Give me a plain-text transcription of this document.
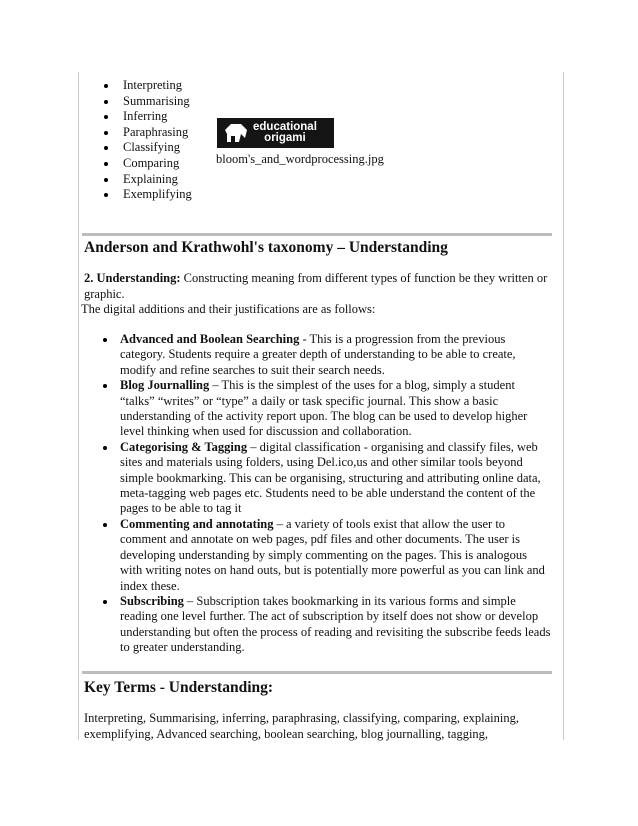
Interpreting
Summarising
Inferring
Paraphrasing
Classifying
Comparing
Explaining
Exemplifying
educational
origami
bloom's_and_wordprocessing.jpg
Anderson and Krathwohl's taxonomy – Understanding

2. Understanding: Constructing meaning from different types of function be they written or graphic.

The digital additions and their justifications are as follows:

Advanced and Boolean Searching - This is a progression from the previous category. Students require a greater depth of understanding to be able to create, modify and refine searches to suit their search needs.
Blog Journalling – This is the simplest of the uses for a blog, simply a student “talks” “writes” or “type” a daily or task specific journal. This show a basic understanding of the activity report upon. The blog can be used to develop higher level thinking when used for discussion and collaboration.
Categorising & Tagging – digital classification - organising and classify files, web sites and materials using folders, using Del.ico,us and other similar tools beyond simple bookmarking. This can be organising, structuring and attributing online data, meta-tagging web pages etc. Students need to be able understand the content of the pages to be able to tag it
Commenting and annotating – a variety of tools exist that allow the user to comment and annotate on web pages, pdf files and other documents. The user is developing understanding by simply commenting on the pages. This is analogous with writing notes on hand outs, but is potentially more powerful as you can link and index these.
Subscribing – Subscription takes bookmarking in its various forms and simple reading one level further. The act of subscription by itself does not show or develop understanding but often the process of reading and revisiting the subscribe feeds leads to greater understanding.
Key Terms - Understanding:

Interpreting, Summarising, inferring, paraphrasing, classifying, comparing, explaining, exemplifying, Advanced searching, boolean searching, blog journalling, tagging,
